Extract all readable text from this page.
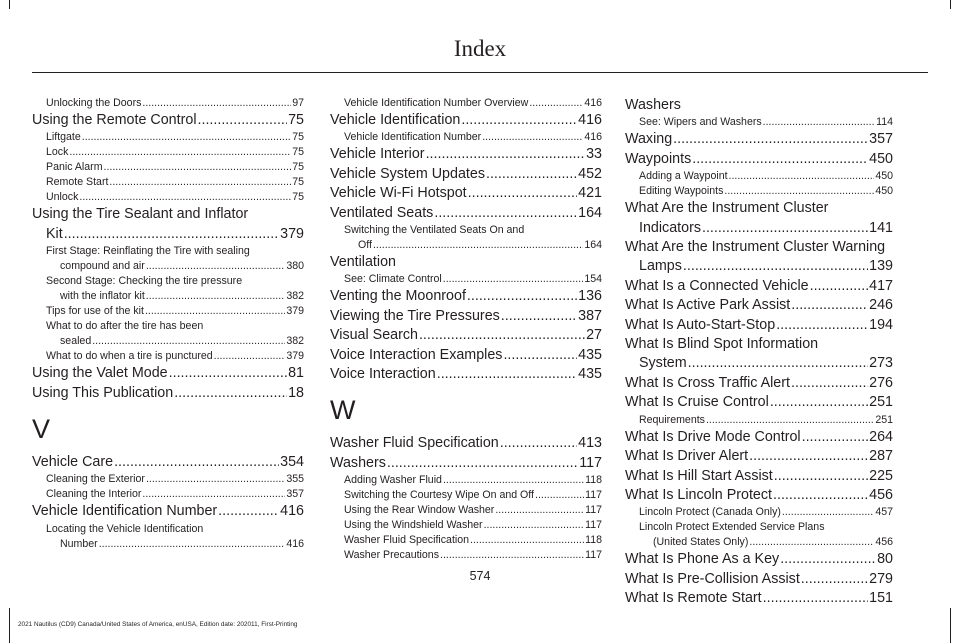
Index
Unlocking the Doors .....	97
Using the Remote Control .....	75
Liftgate .....	75
Lock .....	75
Panic Alarm .....	75
Remote Start .....	75
Unlock .....	75
Using the Tire Sealant and Inflator
Kit .....	379
First Stage: Reinflating the Tire with sealing
compound and air .....	380
Second Stage: Checking the tire pressure
with the inflator kit .....	382
Tips for use of the kit .....	379
What to do after the tire has been
sealed .....	382
What to do when a tire is punctured .....	379
Using the Valet Mode .....	81
Using This Publication .....	18
V
Vehicle Care .....	354
Cleaning the Exterior .....	355
Cleaning the Interior .....	357
Vehicle Identification Number .....	416
Locating the Vehicle Identification
Number .....	416
Vehicle Identification Number Overview .....	416
Vehicle Identification .....	416
Vehicle Identification Number .....	416
Vehicle Interior .....	33
Vehicle System Updates .....	452
Vehicle Wi-Fi Hotspot .....	421
Ventilated Seats .....	164
Switching the Ventilated Seats On and
Off .....	164
Ventilation
See: Climate Control .....	154
Venting the Moonroof .....	136
Viewing the Tire Pressures .....	387
Visual Search .....	27
Voice Interaction Examples .....	435
Voice Interaction .....	435
W
Washer Fluid Specification .....	413
Washers .....	117
Adding Washer Fluid .....	118
Switching the Courtesy Wipe On and Off .....	117
Using the Rear Window Washer .....	117
Using the Windshield Washer .....	117
Washer Fluid Specification .....	118
Washer Precautions .....	117
Washers
See: Wipers and Washers .....	114
Waxing .....	357
Waypoints .....	450
Adding a Waypoint .....	450
Editing Waypoints .....	450
What Are the Instrument Cluster
Indicators .....	141
What Are the Instrument Cluster Warning
Lamps .....	139
What Is a Connected Vehicle .....	417
What Is Active Park Assist .....	246
What Is Auto-Start-Stop .....	194
What Is Blind Spot Information
System .....	273
What Is Cross Traffic Alert .....	276
What Is Cruise Control .....	251
Requirements .....	251
What Is Drive Mode Control .....	264
What Is Driver Alert .....	287
What Is Hill Start Assist .....	225
What Is Lincoln Protect .....	456
Lincoln Protect (Canada Only) .....	457
Lincoln Protect Extended Service Plans
(United States Only) .....	456
What Is Phone As a Key .....	80
What Is Pre-Collision Assist .....	279
What Is Remote Start .....	151
574
2021 Nautilus (CD9) Canada/United States of America, enUSA, Edition date: 202011, First-Printing
